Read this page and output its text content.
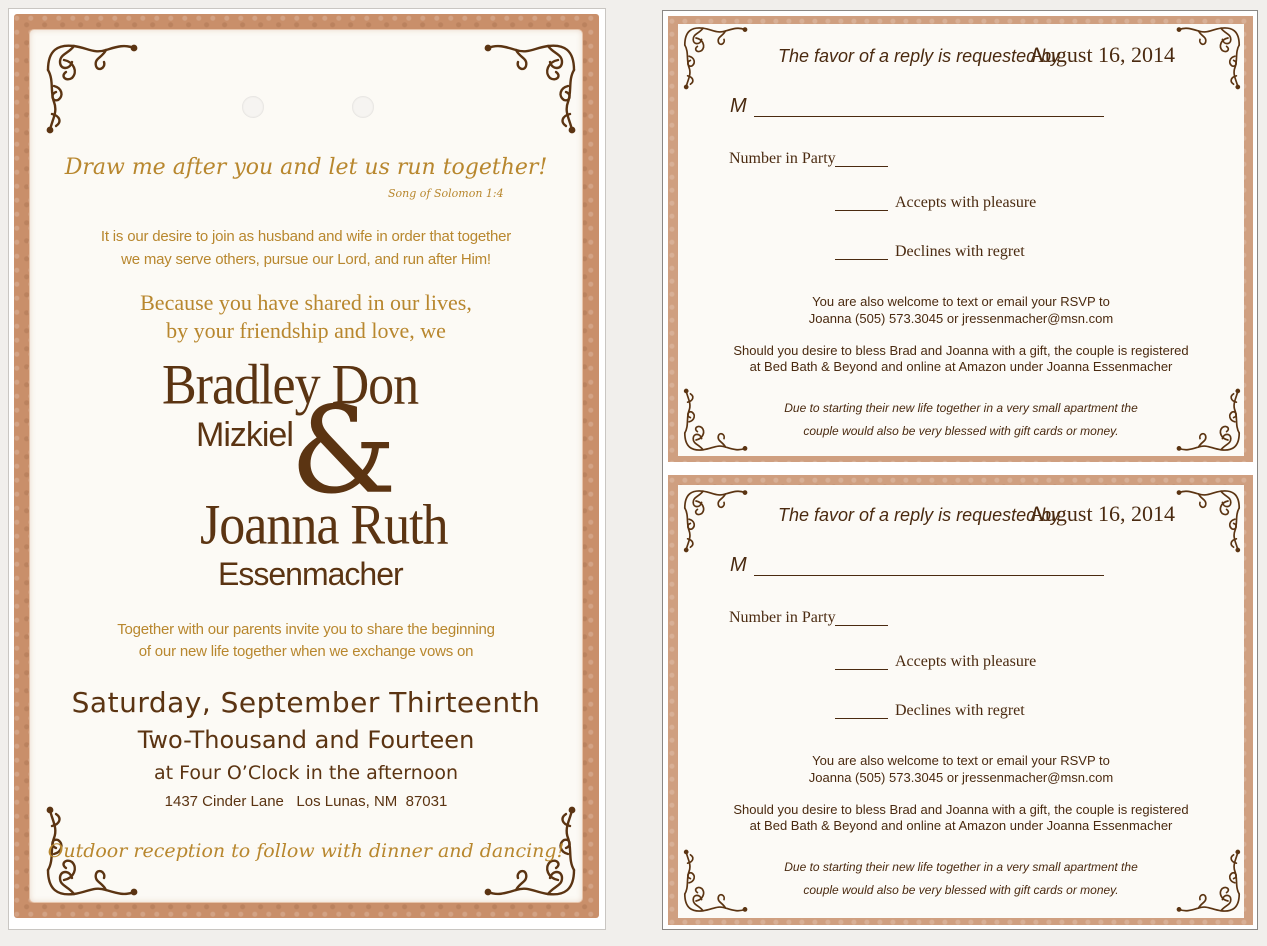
Draw me after you and let us run together!
Song of Solomon 1:4
It is our desire to join as husband and wife in order that together
we may serve others, pursue our Lord, and run after Him!
Because you have shared in our lives,
by your friendship and love, we
Bradley Don
Mizkiel
&
Joanna Ruth
Essenmacher
Together with our parents invite you to share the beginning
of our new life together when we exchange vows on
Saturday, September Thirteenth
Two-Thousand and Fourteen
at Four O’Clock in the afternoon
1437 Cinder Lane   Los Lunas, NM  87031
Outdoor reception to follow with dinner and dancing!
The favor of a reply is requested by
August 16, 2014
M
Number in Party
Accepts with pleasure
Declines with regret
You are also welcome to text or email your RSVP to
Joanna (505) 573.3045 or jressenmacher@msn.com
Should you desire to bless Brad and Joanna with a gift, the couple is registered
at Bed Bath & Beyond and online at Amazon under Joanna Essenmacher
Due to starting their new life together in a very small apartment the
couple would also be very blessed with gift cards or money.
The favor of a reply is requested by
August 16, 2014
M
Number in Party
Accepts with pleasure
Declines with regret
You are also welcome to text or email your RSVP to
Joanna (505) 573.3045 or jressenmacher@msn.com
Should you desire to bless Brad and Joanna with a gift, the couple is registered
at Bed Bath & Beyond and online at Amazon under Joanna Essenmacher
Due to starting their new life together in a very small apartment the
couple would also be very blessed with gift cards or money.
